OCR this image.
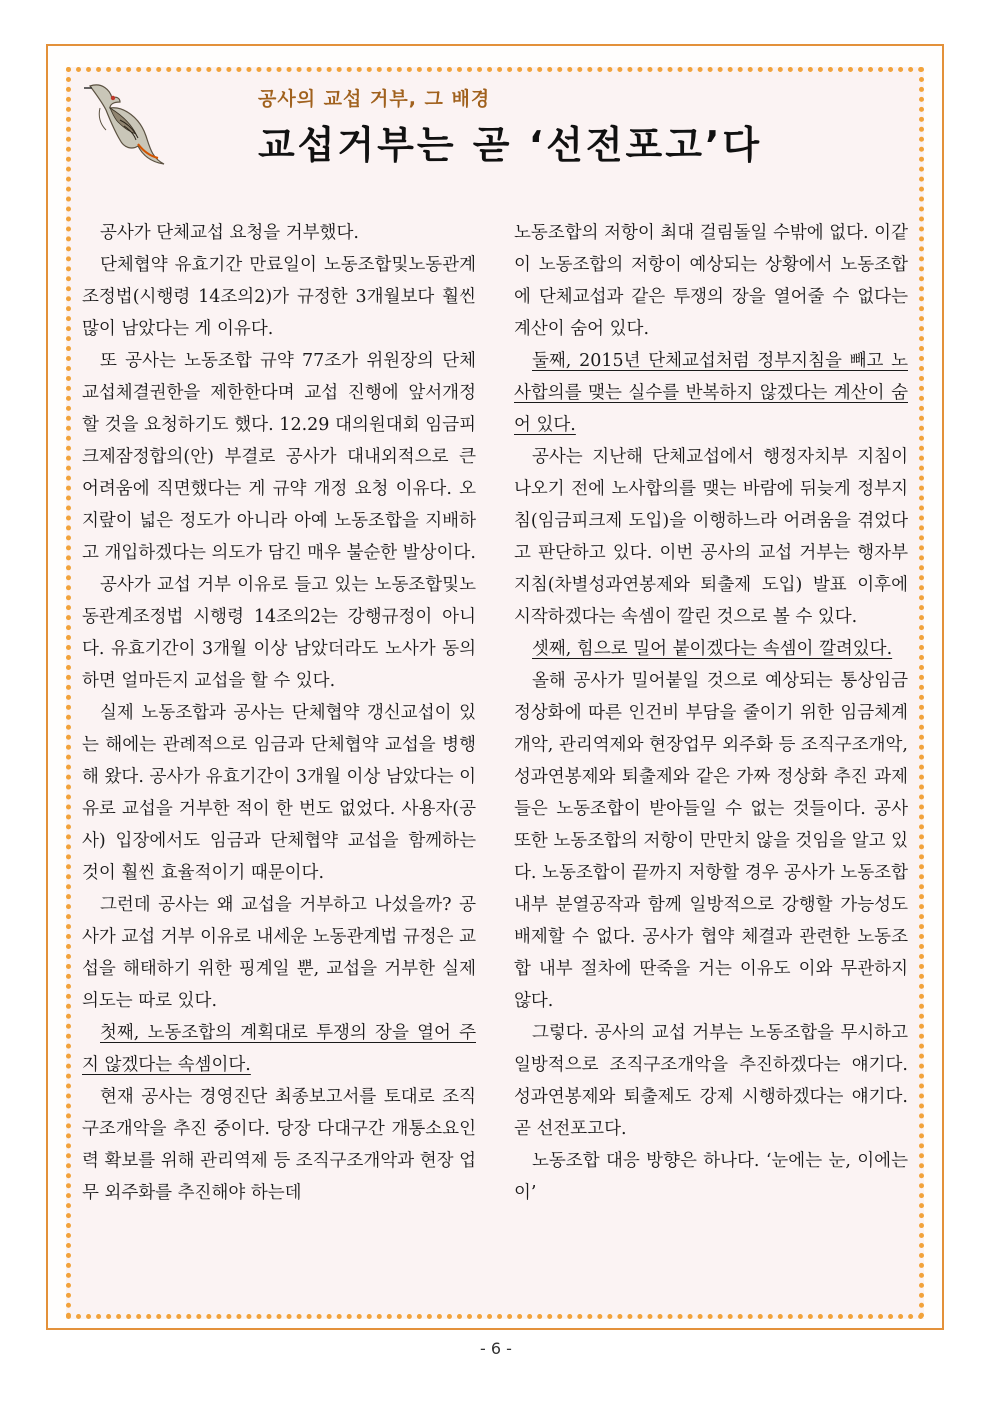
공사의 교섭 거부, 그 배경
교섭거부는 곧 ‘선전포고’다

공사가 단체교섭 요청을 거부했다.

단체협약 유효기간 만료일이 노동조합및노동관계조정법(시행령 14조의2)가 규정한 3개월보다 훨씬 많이 남았다는 게 이유다.

또 공사는 노동조합 규약 77조가 위원장의 단체교섭체결권한을 제한한다며 교섭 진행에 앞서개정할 것을 요청하기도 했다. 12.29 대의원대회 임금피크제잠정합의(안) 부결로 공사가 대내외적으로 큰 어려움에 직면했다는 게 규약 개정 요청 이유다. 오지랖이 넓은 정도가 아니라 아예 노동조합을 지배하고 개입하겠다는 의도가 담긴 매우 불순한 발상이다.

공사가 교섭 거부 이유로 들고 있는 노동조합및노동관계조정법 시행령 14조의2는 강행규정이 아니다. 유효기간이 3개월 이상 남았더라도 노사가 동의하면 얼마든지 교섭을 할 수 있다.

실제 노동조합과 공사는 단체협약 갱신교섭이 있는 해에는 관례적으로 임금과 단체협약 교섭을 병행해 왔다. 공사가 유효기간이 3개월 이상 남았다는 이유로 교섭을 거부한 적이 한 번도 없었다. 사용자(공사) 입장에서도 임금과 단체협약 교섭을 함께하는 것이 훨씬 효율적이기 때문이다.

그런데 공사는 왜 교섭을 거부하고 나섰을까? 공사가 교섭 거부 이유로 내세운 노동관계법 규정은 교섭을 해태하기 위한 핑계일 뿐, 교섭을 거부한 실제 의도는 따로 있다.

첫째, 노동조합의 계획대로 투쟁의 장을 열어 주지 않겠다는 속셈이다.

현재 공사는 경영진단 최종보고서를 토대로 조직구조개악을 추진 중이다. 당장 다대구간 개통소요인력 확보를 위해 관리역제 등 조직구조개악과 현장 업무 외주화를 추진해야 하는데

노동조합의 저항이 최대 걸림돌일 수밖에 없다. 이같이 노동조합의 저항이 예상되는 상황에서 노동조합에 단체교섭과 같은 투쟁의 장을 열어줄 수 없다는 계산이 숨어 있다.

둘째, 2015년 단체교섭처럼 정부지침을 빼고 노사합의를 맺는 실수를 반복하지 않겠다는 계산이 숨어 있다.

공사는 지난해 단체교섭에서 행정자치부 지침이 나오기 전에 노사합의를 맺는 바람에 뒤늦게 정부지침(임금피크제 도입)을 이행하느라 어려움을 겪었다고 판단하고 있다. 이번 공사의 교섭 거부는 행자부 지침(차별성과연봉제와 퇴출제 도입) 발표 이후에 시작하겠다는 속셈이 깔린 것으로 볼 수 있다.

셋째, 힘으로 밀어 붙이겠다는 속셈이 깔려있다.

올해 공사가 밀어붙일 것으로 예상되는 통상임금 정상화에 따른 인건비 부담을 줄이기 위한 임금체계개악, 관리역제와 현장업무 외주화 등 조직구조개악, 성과연봉제와 퇴출제와 같은 가짜 정상화 추진 과제들은 노동조합이 받아들일 수 없는 것들이다. 공사 또한 노동조합의 저항이 만만치 않을 것임을 알고 있다. 노동조합이 끝까지 저항할 경우 공사가 노동조합 내부 분열공작과 함께 일방적으로 강행할 가능성도 배제할 수 없다. 공사가 협약 체결과 관련한 노동조합 내부 절차에 딴죽을 거는 이유도 이와 무관하지 않다.

그렇다. 공사의 교섭 거부는 노동조합을 무시하고 일방적으로 조직구조개악을 추진하겠다는 얘기다. 성과연봉제와 퇴출제도 강제 시행하겠다는 얘기다. 곧 선전포고다.

노동조합 대응 방향은 하나다. ‘눈에는 눈, 이에는 이’

- 6 -
